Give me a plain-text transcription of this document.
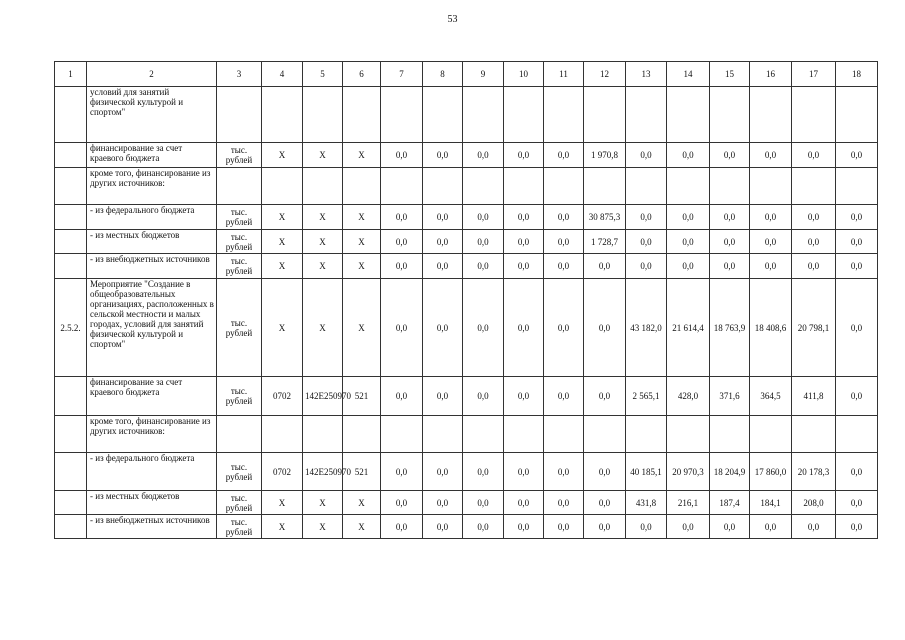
53
1	2	3	4	5	6	7	8	9	10	11	12	13	14	15	16	17	18
	условий для занятий физической культурой и спортом"																
	финансирование за счет краевого бюджета	тыс. рублей	X	X	X	0,0	0,0	0,0	0,0	0,0	1 970,8	0,0	0,0	0,0	0,0	0,0	0,0
	кроме того, финансирование из других источников:																
	- из федерального бюджета	тыс. рублей	X	X	X	0,0	0,0	0,0	0,0	0,0	30 875,3	0,0	0,0	0,0	0,0	0,0	0,0
	- из местных бюджетов	тыс. рублей	X	X	X	0,0	0,0	0,0	0,0	0,0	1 728,7	0,0	0,0	0,0	0,0	0,0	0,0
	- из внебюджетных источников	тыс. рублей	X	X	X	0,0	0,0	0,0	0,0	0,0	0,0	0,0	0,0	0,0	0,0	0,0	0,0
2.5.2.	Мероприятие "Создание в общеобразовательных организациях, расположенных в сельской местности и малых городах, условий для занятий физической культурой и спортом"	тыс. рублей	X	X	X	0,0	0,0	0,0	0,0	0,0	0,0	43 182,0	21 614,4	18 763,9	18 408,6	20 798,1	0,0
	финансирование за счет краевого бюджета	тыс. рублей	0702	142E250970	521	0,0	0,0	0,0	0,0	0,0	0,0	2 565,1	428,0	371,6	364,5	411,8	0,0
	кроме того, финансирование из других источников:																
	- из федерального бюджета	тыс. рублей	0702	142E250970	521	0,0	0,0	0,0	0,0	0,0	0,0	40 185,1	20 970,3	18 204,9	17 860,0	20 178,3	0,0
	- из местных бюджетов	тыс. рублей	X	X	X	0,0	0,0	0,0	0,0	0,0	0,0	431,8	216,1	187,4	184,1	208,0	0,0
	- из внебюджетных источников	тыс. рублей	X	X	X	0,0	0,0	0,0	0,0	0,0	0,0	0,0	0,0	0,0	0,0	0,0	0,0
